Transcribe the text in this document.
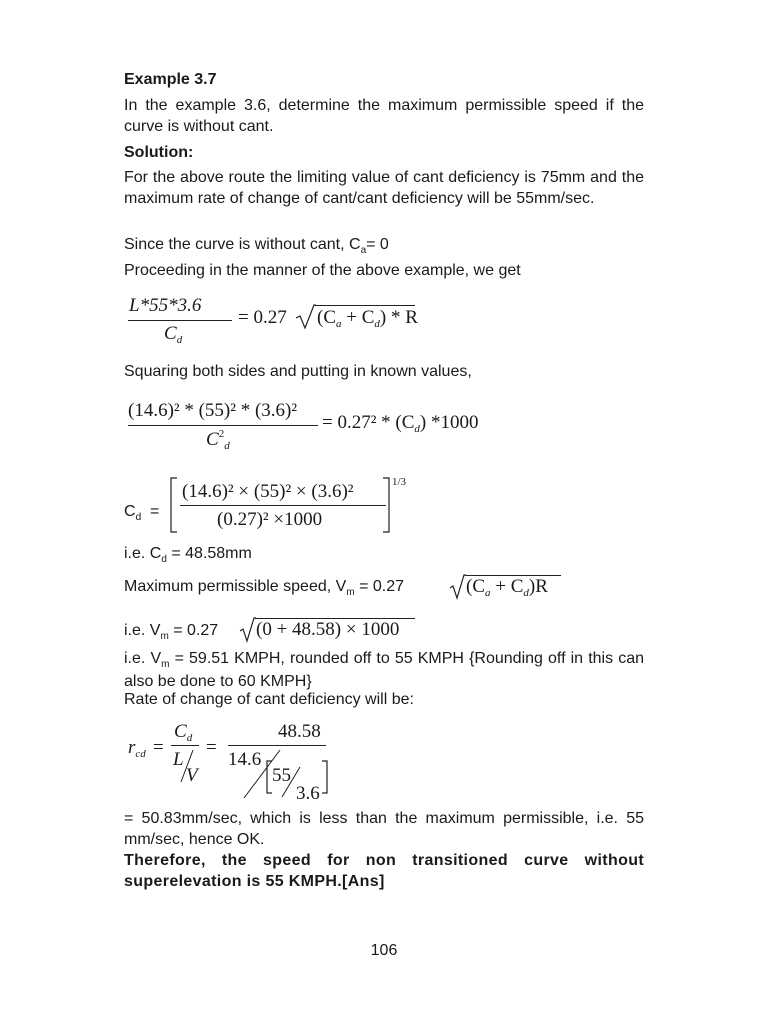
Example 3.7
In the example 3.6, determine the maximum permissible speed if the curve is without cant.
Solution:
For the above route the limiting value of cant deficiency is 75mm and the maximum rate of change of cant/cant deficiency will be 55mm/sec.
Since the curve is without cant, $C_a= 0$
Proceeding in the manner of the above example, we get
L*55*3.6
$C_d$
= 0.27 $(C_a + C_d) * R$
Squaring both sides and putting in known values,
(14.6)² * (55)² * (3.6)²
$C^2_d$
= $0.27^2 * (C_d)$ *1000
$C_d$ =
(14.6)² × (55)² × (3.6)²
(0.27)² ×1000
1/3
i.e. $C_d = 48.58mm$
Maximum permissible speed, $V_m = 0.27$	$(C_a + C_d)R$
i.e. $V_m = 0.27$ (0 + 48.58) × 1000
i.e. $V_m = 59.51$ KMPH, rounded off to 55 KMPH {Rounding off in this can also be done to 60 KMPH}
Rate of change of cant deficiency will be:
$r_{cd}$ =
$C_d$
L
V
=
48.58
14.6
55
3.6
= 50.83mm/sec, which is less than the maximum permissible, i.e. 55 mm/sec, hence OK.
Therefore, the speed for non transitioned curve without superelevation is 55 KMPH.[Ans]
106
